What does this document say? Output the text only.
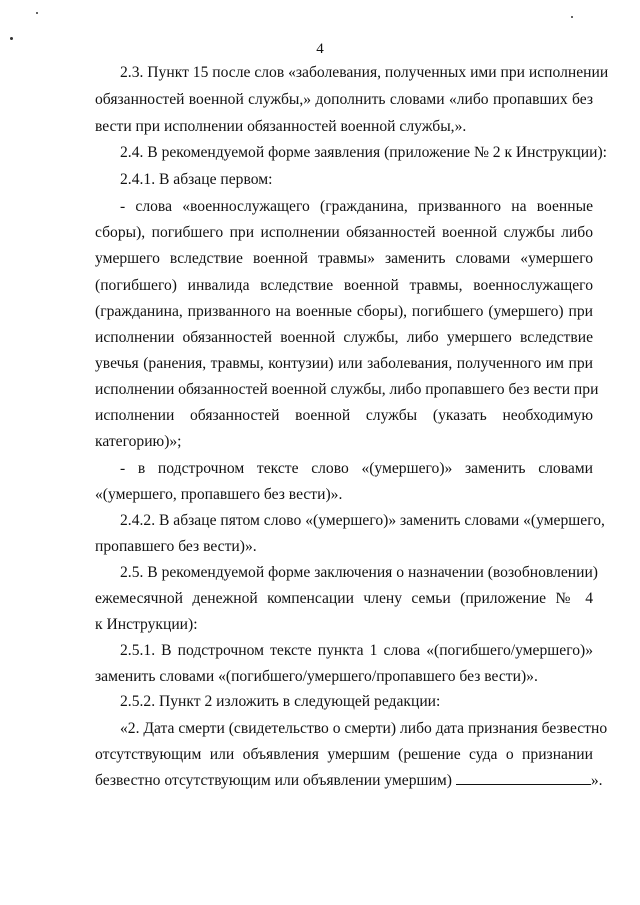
4
2.3. Пункт 15 после слов «заболевания, полученных ими при исполнении
обязанностей военной службы,» дополнить словами «либо пропавших без
вести при исполнении обязанностей военной службы,».
2.4. В рекомендуемой форме заявления (приложение № 2 к Инструкции):
2.4.1. В абзаце первом:
- слова «военнослужащего (гражданина, призванного на военные
сборы), погибшего при исполнении обязанностей военной службы либо
умершего вследствие военной травмы» заменить словами «умершего
(погибшего) инвалида вследствие военной травмы, военнослужащего
(гражданина, призванного на военные сборы), погибшего (умершего) при
исполнении обязанностей военной службы, либо умершего вследствие
увечья (ранения, травмы, контузии) или заболевания, полученного им при
исполнении обязанностей военной службы, либо пропавшего без вести при
исполнении обязанностей военной службы (указать необходимую
категорию)»;
- в подстрочном тексте слово «(умершего)» заменить словами
«(умершего, пропавшего без вести)».
2.4.2. В абзаце пятом слово «(умершего)» заменить словами «(умершего,
пропавшего без вести)».
2.5. В рекомендуемой форме заключения о назначении (возобновлении)
ежемесячной денежной компенсации члену семьи (приложение № 4
к Инструкции):
2.5.1. В подстрочном тексте пункта 1 слова «(погибшего/умершего)»
заменить словами «(погибшего/умершего/пропавшего без вести)».
2.5.2. Пункт 2 изложить в следующей редакции:
«2. Дата смерти (свидетельство о смерти) либо дата признания безвестно
отсутствующим или объявления умершим (решение суда о признании
безвестно отсутствующим или объявлении умершим)	».
